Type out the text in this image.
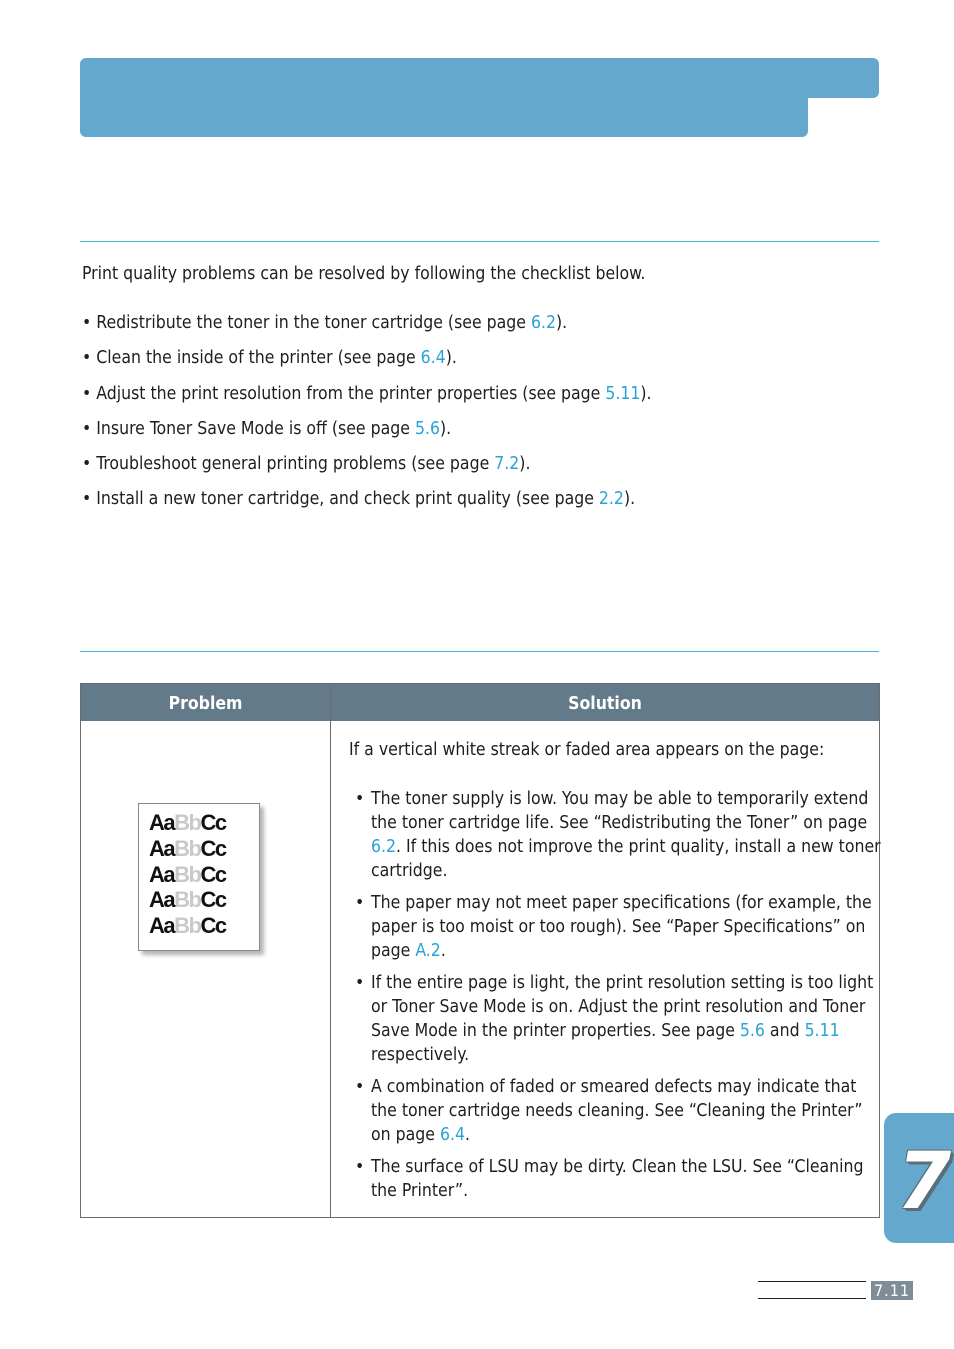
Print quality problems can be resolved by following the checklist below.

• Redistribute the toner in the toner cartridge (see page 6.2).
• Clean the inside of the printer (see page 6.4).
• Adjust the print resolution from the printer properties (see page 5.11).
• Insure Toner Save Mode is off (see page 5.6).
• Troubleshoot general printing problems (see page 7.2).
• Install a new toner cartridge, and check print quality (see page 2.2).
Problem	Solution
AaBbCc
AaBbCc
AaBbCc
AaBbCc
AaBbCc

If a vertical white streak or faded area appears on the page:

• The toner supply is low. You may be able to temporarily extend the toner cartridge life. See “Redistributing the Toner” on page 6.2. If this does not improve the print quality, install a new toner cartridge.
• The paper may not meet paper specifications (for example, the paper is too moist or too rough). See “Paper Specifications” on page A.2.
• If the entire page is light, the print resolution setting is too light or Toner Save Mode is on. Adjust the print resolution and Toner Save Mode in the printer properties. See page 5.6 and 5.11 respectively.
• A combination of faded or smeared defects may indicate that the toner cartridge needs cleaning. See “Cleaning the Printer” on page 6.4.
• The surface of LSU may be dirty. Clean the LSU. See “Cleaning the Printer”.	7
7.11
